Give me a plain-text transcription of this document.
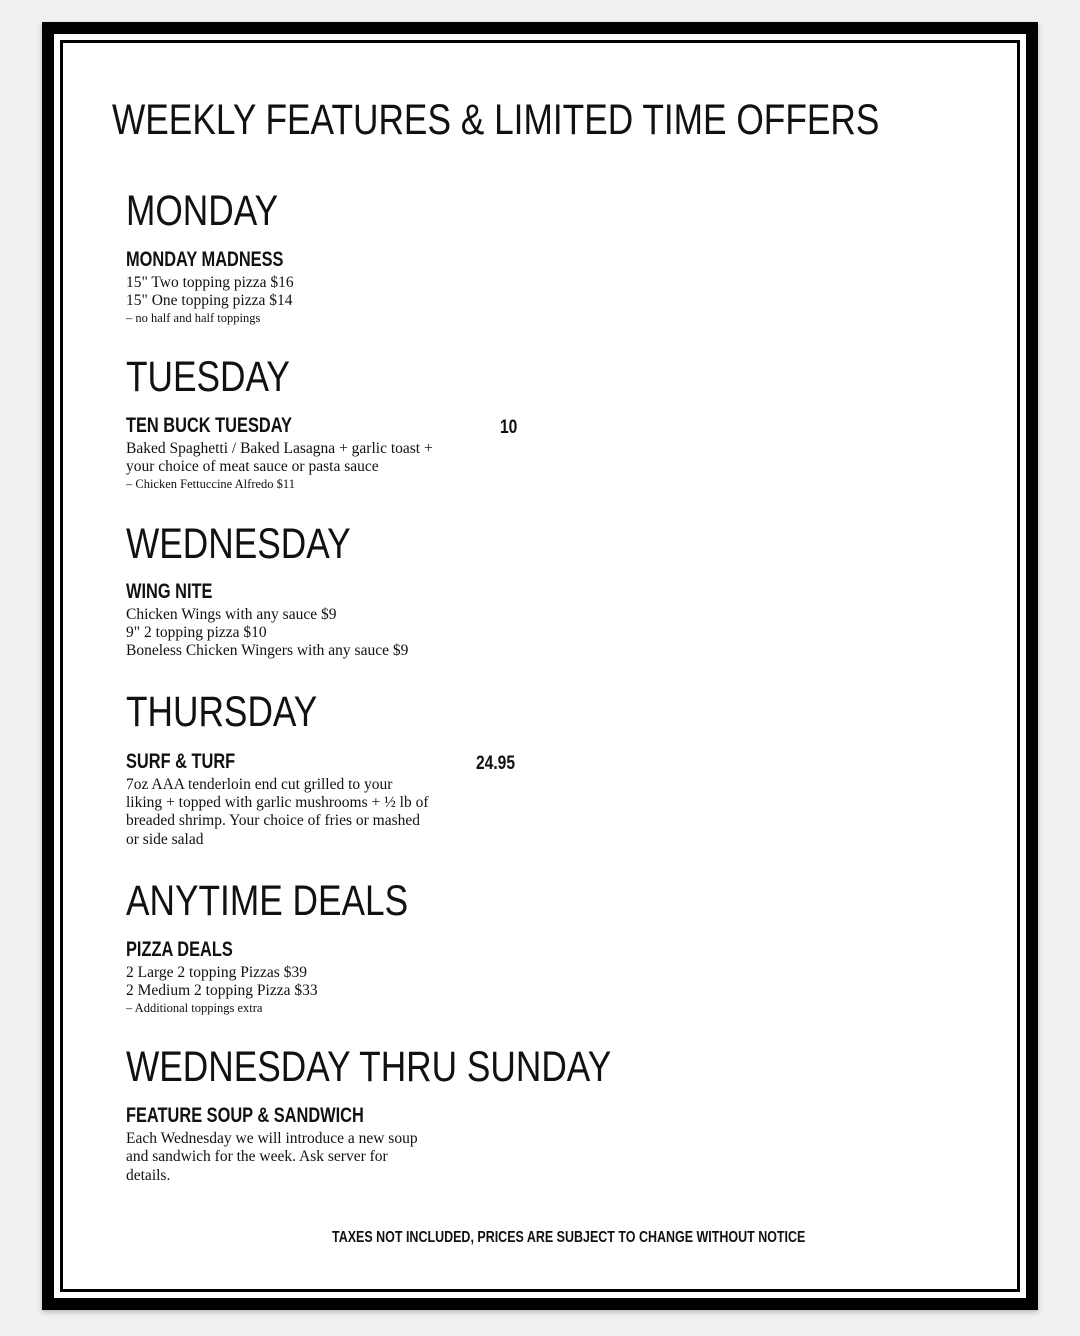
WEEKLY FEATURES & LIMITED TIME OFFERS
MONDAY

MONDAY MADNESS

15" Two topping pizza $16

15" One topping pizza $14

– no half and half toppings

TUESDAY

TEN BUCK TUESDAY	10

Baked Spaghetti / Baked Lasagna + garlic toast +

your choice of meat sauce or pasta sauce

– Chicken Fettuccine Alfredo $11

WEDNESDAY

WING NITE

Chicken Wings with any sauce $9

9" 2 topping pizza $10

Boneless Chicken Wingers with any sauce $9

THURSDAY

SURF & TURF	24.95

7oz AAA tenderloin end cut grilled to your

liking + topped with garlic mushrooms + ½ lb of

breaded shrimp. Your choice of fries or mashed

or side salad

ANYTIME DEALS

PIZZA DEALS

2 Large 2 topping Pizzas $39

2 Medium 2 topping Pizza $33

– Additional toppings extra

WEDNESDAY THRU SUNDAY

FEATURE SOUP & SANDWICH

Each Wednesday we will introduce a new soup

and sandwich for the week. Ask server for

details.

TAXES NOT INCLUDED, PRICES ARE SUBJECT TO CHANGE WITHOUT NOTICE
